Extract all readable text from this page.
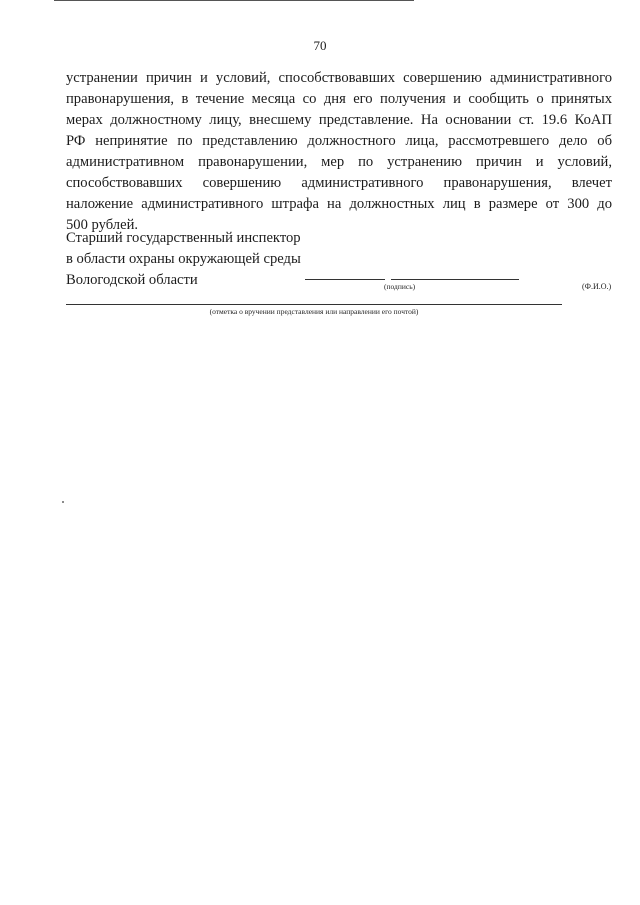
70
устранении причин и условий, способствовавших совершению административного
правонарушения, в течение месяца со дня его получения и сообщить о принятых
мерах должностному лицу, внесшему представление. На основании ст. 19.6 КоАП
РФ непринятие по представлению должностного лица, рассмотревшего дело об
административном правонарушении, мер по устранению причин и условий,
способствовавших совершению административного правонарушения, влечет
наложение административного штрафа на должностных лиц в размере от 300 до
500 рублей.
Старший государственный инспектор
в области охраны окружающей среды
Вологодской области	(подпись)	(Ф.И.О.)
(отметка о вручении представления или направлении его почтой)
